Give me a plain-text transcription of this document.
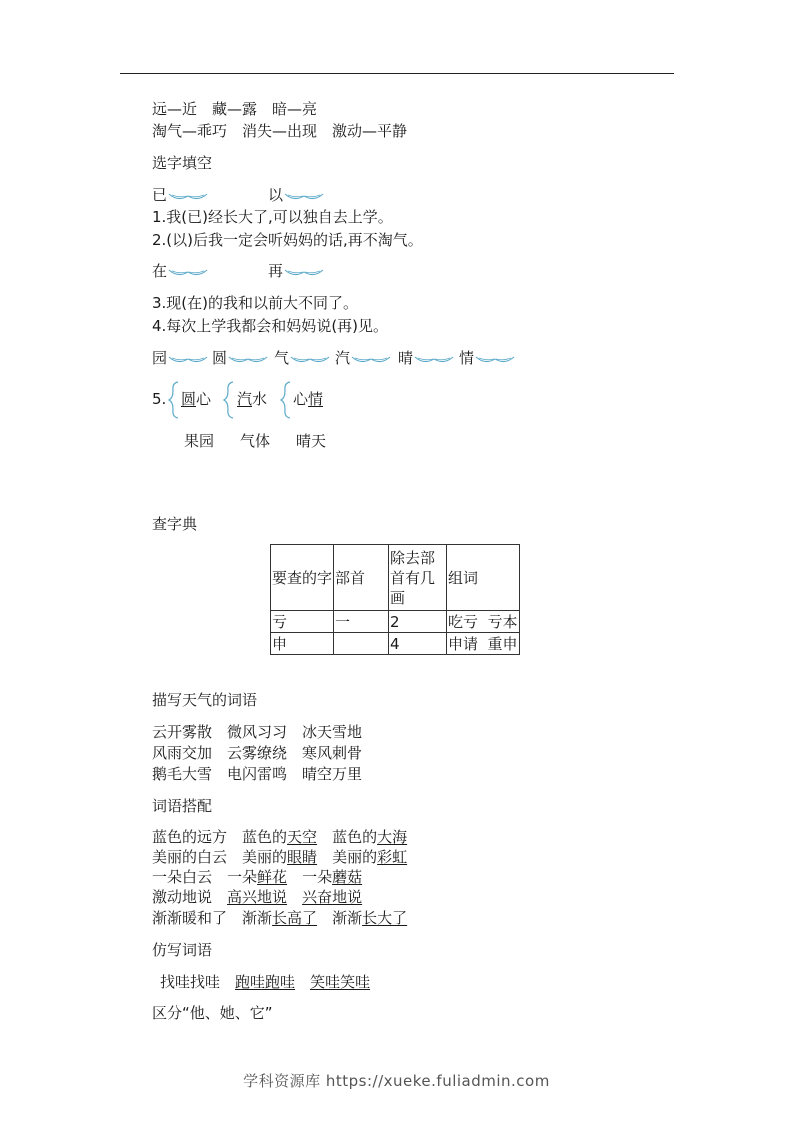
远—近　藏—露　暗—亮
淘气—乖巧　消失—出现　激动—平静
选字填空
已	以
1.我(已)经长大了,可以独自去上学。
2.(以)后我一定会听妈妈的话,再不淘气。
在	再
3.现(在)的我和以前大不同了。
4.每次上学我都会和妈妈说(再)见。
园	圆	气	汽	晴	情
5. 圆心 汽水 心情
果园 气体 晴天
查字典
要查的字	部首	除去部首有几画	组词
亏	一	2	吃亏  亏本
申		4	申请  重申
描写天气的词语
云开雾散　微风习习　冰天雪地
风雨交加　云雾缭绕　寒风刺骨
鹅毛大雪　电闪雷鸣　晴空万里
词语搭配
蓝色的远方　 蓝色的天空　 蓝色的大海
美丽的白云　 美丽的眼睛　 美丽的彩虹
一朵白云　 一朵鲜花　 一朵蘑菇
激动地说　 高兴地说　 兴奋地说
渐渐暖和了　 渐渐长高了　 渐渐长大了
仿写词语
找哇找哇　 跑哇跑哇　 笑哇笑哇
区分“他、她、它”
学科资源库 https://xueke.fuliadmin.com
